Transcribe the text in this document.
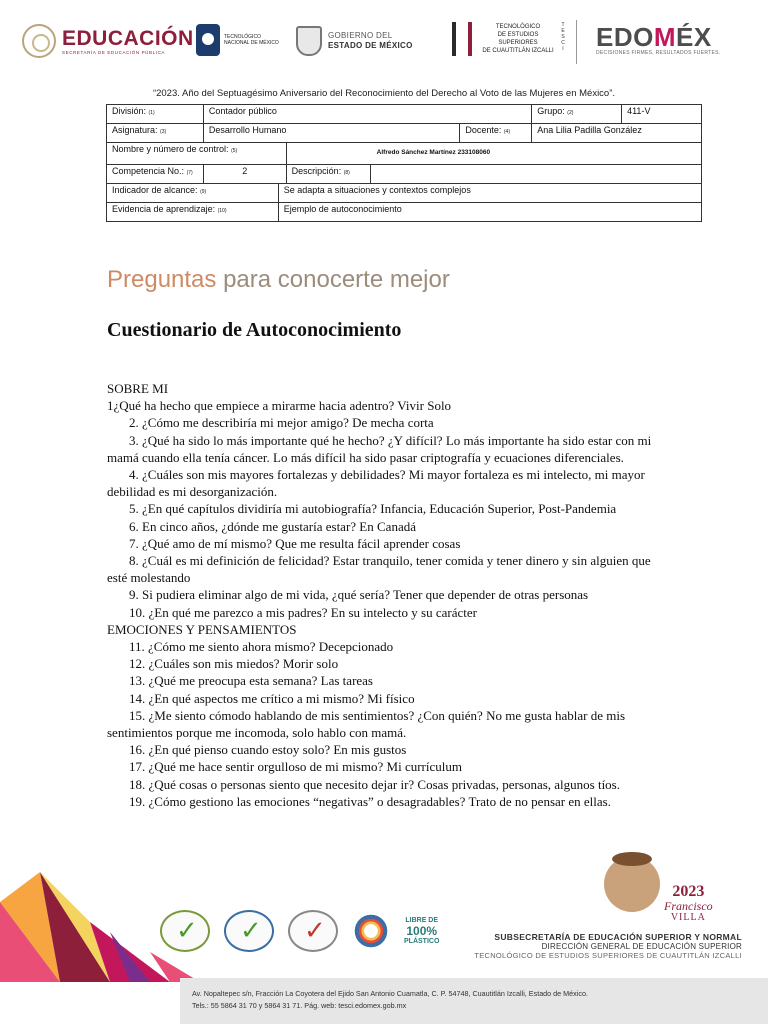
EDUCACIÓN
SECRETARÍA DE EDUCACIÓN PÚBLICA
TECNOLÓGICO NACIONAL DE MÉXICO
GOBIERNO DEL
ESTADO DE MÉXICO
TECNOLÓGICO
DE ESTUDIOS SUPERIORES
DE CUAUTITLÁN IZCALLI
T E S C I EDOMÉX
DECISIONES FIRMES, RESULTADOS FUERTES.
“2023. Año del Septuagésimo Aniversario del Reconocimiento del Derecho al Voto de las Mujeres en México”.
División: (1)	Contador público					Grupo: (2)	411-V
Asignatura: (3)	Desarrollo Humano				Docente: (4)	Ana Lilia Padilla González	
Nombre y número de control: (5)			Alfredo Sánchez Martínez 233108060				
Competencia No.: (7)	2		Descripción: (8)				
Indicador de alcance: (9)		Se adapta a situaciones y contextos complejos					
Evidencia de aprendizaje: (10)		Ejemplo de autoconocimiento					
Preguntas para conocerte mejor
Cuestionario de Autoconocimiento
SOBRE MI
1¿Qué ha hecho que empiece a mirarme hacia adentro? Vivir Solo
2. ¿Cómo me describiría mi mejor amigo? De mecha corta
3. ¿Qué ha sido lo más importante qué he hecho? ¿Y difícil? Lo más importante ha sido estar con mi mamá cuando ella tenía cáncer. Lo más difícil ha sido pasar criptografía y ecuaciones diferenciales.
4. ¿Cuáles son mis mayores fortalezas y debilidades? Mi mayor fortaleza es mi intelecto, mi mayor debilidad es mi desorganización.
5. ¿En qué capítulos dividiría mi autobiografía? Infancia, Educación Superior, Post-Pandemia
6. En cinco años, ¿dónde me gustaría estar? En Canadá
7. ¿Qué amo de mí mismo? Que me resulta fácil aprender cosas
8. ¿Cuál es mi definición de felicidad? Estar tranquilo, tener comida y tener dinero y sin alguien que esté molestando
9. Si pudiera eliminar algo de mi vida, ¿qué sería? Tener que depender de otras personas
10. ¿En qué me parezco a mis padres? En su intelecto y su carácter
EMOCIONES Y PENSAMIENTOS
11. ¿Cómo me siento ahora mismo? Decepcionado
12. ¿Cuáles son mis miedos? Morir solo
13. ¿Qué me preocupa esta semana? Las tareas
14. ¿En qué aspectos me crítico a mi mismo? Mi físico
15. ¿Me siento cómodo hablando de mis sentimientos? ¿Con quién? No me gusta hablar de mis sentimientos porque me incomoda, solo hablo con mamá.
16. ¿En qué pienso cuando estoy solo? En mis gustos
17. ¿Qué me hace sentir orgulloso de mi mismo? Mi currículum
18. ¿Qué cosas o personas siento que necesito dejar ir? Cosas privadas, personas, algunos tíos.
19. ¿Cómo gestiono las emociones “negativas” o desagradables? Trato de no pensar en ellas.
✓
✓
✓
LIBRE DE
100%
PLÁSTICO
2023
Francisco
VILLA
SUBSECRETARÍA DE EDUCACIÓN SUPERIOR Y NORMAL
DIRECCIÓN GENERAL DE EDUCACIÓN SUPERIOR
TECNOLÓGICO DE ESTUDIOS SUPERIORES DE CUAUTITLÁN IZCALLI
Av. Nopaltepec s/n, Fracción La Coyotera del Ejido San Antonio Cuamatla, C. P. 54748, Cuautitlán Izcalli, Estado de México.
Tels.: 55 5864 31 70 y 5864 31 71. Pág. web: tesci.edomex.gob.mx
